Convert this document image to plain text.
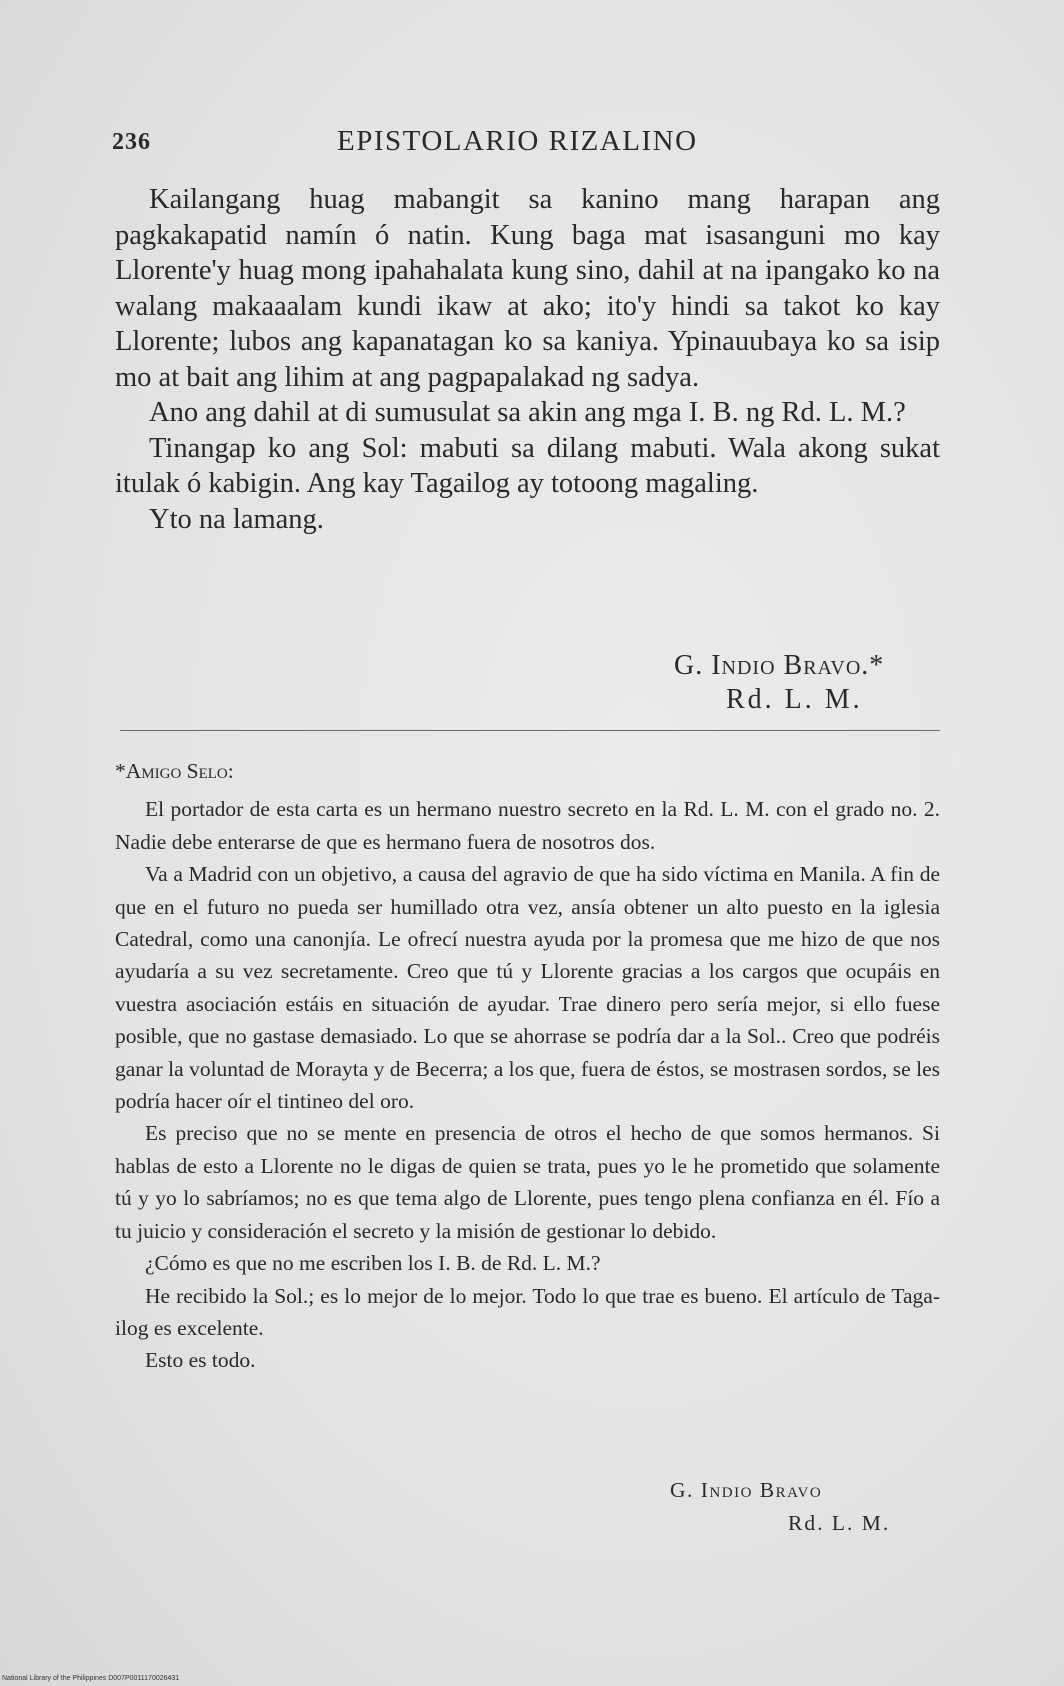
236	EPISTOLARIO RIZALINO

Kailangang huag mabangit sa kanino mang harapan ang pagkakapatid namín ó natin. Kung baga mat isasanguni mo kay Llorente'y huag mong ipahahalata kung sino, dahil at na ipangako ko na walang makaaalam kundi ikaw at ako; ito'y hindi sa takot ko kay Llorente; lubos ang kapanatagan ko sa kaniya. Ypinauubaya ko sa isip mo at bait ang lihim at ang pagpapalakad ng sadya.

Ano ang dahil at di sumusulat sa akin ang mga I. B. ng Rd. L. M.?

Tinangap ko ang Sol: mabuti sa dilang mabuti. Wala akong sukat itulak ó kabigin. Ang kay Tagailog ay totoong magaling.

Yto na lamang.

G. Indio Bravo.*
Rd. L. M.

*Amigo Selo:

El portador de esta carta es un hermano nuestro secreto en la Rd. L. M. con el grado no. 2. Nadie debe enterarse de que es hermano fuera de nosotros dos.

Va a Madrid con un objetivo, a causa del agravio de que ha sido víctima en Manila. A fin de que en el futuro no pueda ser humillado otra vez, ansía obtener un alto puesto en la iglesia Catedral, como una canonjía. Le ofrecí nuestra ayuda por la promesa que me hizo de que nos ayudaría a su vez secretamente. Creo que tú y Llorente gracias a los cargos que ocupáis en vuestra asociación estáis en situación de ayudar. Trae dinero pero sería mejor, si ello fuese posible, que no gastase demasiado. Lo que se ahorrase se podría dar a la Sol.. Creo que podréis ganar la voluntad de Morayta y de Becerra; a los que, fuera de éstos, se mostrasen sordos, se les podría hacer oír el tintineo del oro.

Es preciso que no se mente en presencia de otros el hecho de que somos hermanos. Si hablas de esto a Llorente no le digas de quien se trata, pues yo le he prometido que solamente tú y yo lo sabríamos; no es que tema algo de Llorente, pues tengo plena confianza en él. Fío a tu juicio y consideración el secreto y la misión de gestionar lo debido.

¿Cómo es que no me escriben los I. B. de Rd. L. M.?

He recibido la Sol.; es lo mejor de lo mejor. Todo lo que trae es bueno. El artículo de Taga-ilog es excelente.

Esto es todo.

G. Indio Bravo
Rd. L. M.
National Library of the Philippines D007P0011170026431
